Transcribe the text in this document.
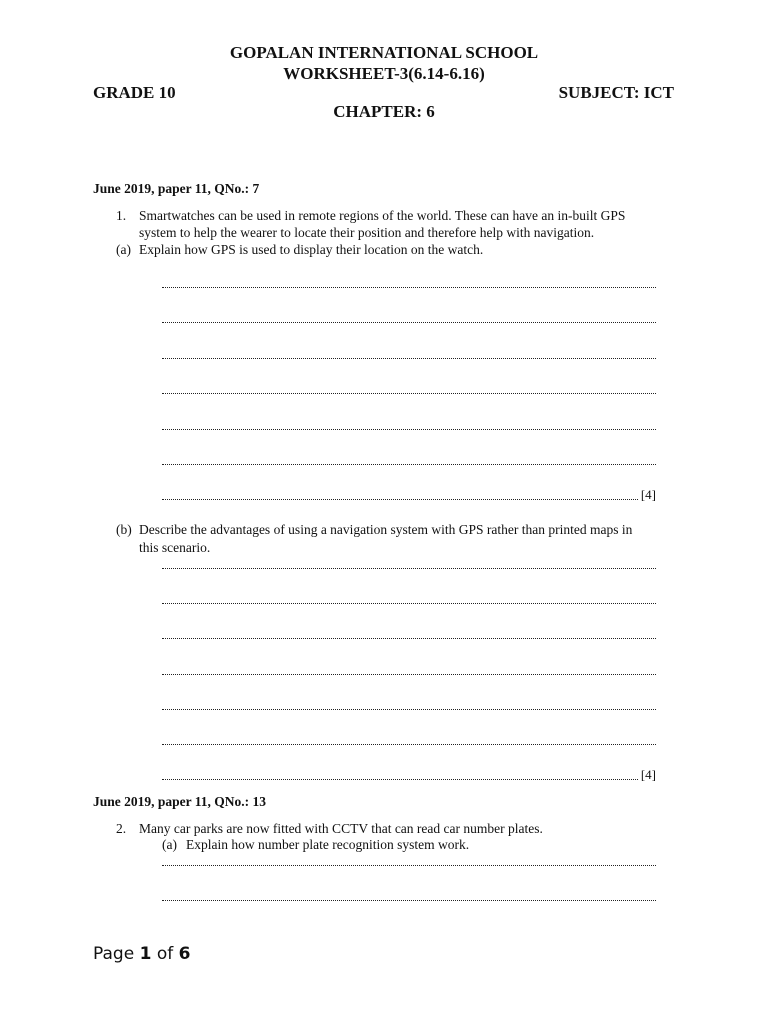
GOPALAN INTERNATIONAL SCHOOL
WORKSHEET-3(6.14-6.16)
GRADE 10	SUBJECT: ICT
CHAPTER: 6
June 2019, paper 11, QNo.: 7
1. Smartwatches can be used in remote regions of the world. These can have an in-built GPS
system to help the wearer to locate their position and therefore help with navigation.
(a) Explain how GPS is used to display their location on the watch.
[4]
(b) Describe the advantages of using a navigation system with GPS rather than printed maps in
this scenario.
[4]
June 2019, paper 11, QNo.: 13
2. Many car parks are now fitted with CCTV that can read car number plates.
(a) Explain how number plate recognition system work.
Page 1 of 6
